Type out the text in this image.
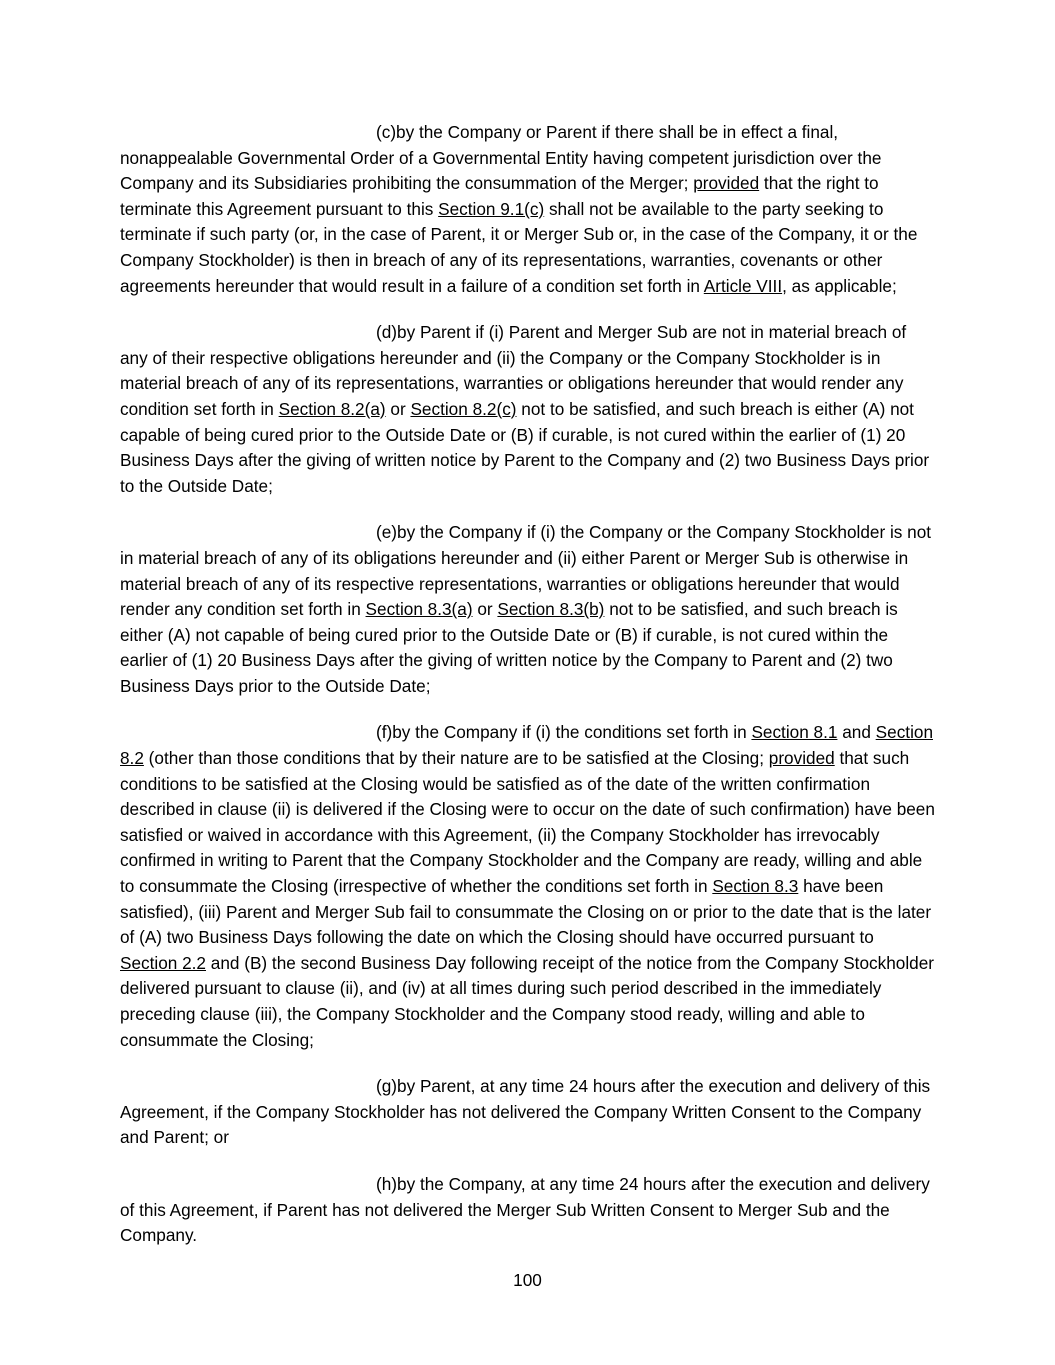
(c)by the Company or Parent if there shall be in effect a final, nonappealable Governmental Order of a Governmental Entity having competent jurisdiction over the Company and its Subsidiaries prohibiting the consummation of the Merger; provided that the right to terminate this Agreement pursuant to this Section 9.1(c) shall not be available to the party seeking to terminate if such party (or, in the case of Parent, it or Merger Sub or, in the case of the Company, it or the Company Stockholder) is then in breach of any of its representations, warranties, covenants or other agreements hereunder that would result in a failure of a condition set forth in Article VIII, as applicable;

(d)by Parent if (i) Parent and Merger Sub are not in material breach of any of their respective obligations hereunder and (ii) the Company or the Company Stockholder is in material breach of any of its representations, warranties or obligations hereunder that would render any condition set forth in Section 8.2(a) or Section 8.2(c) not to be satisfied, and such breach is either (A) not capable of being cured prior to the Outside Date or (B) if curable, is not cured within the earlier of (1) 20 Business Days after the giving of written notice by Parent to the Company and (2) two Business Days prior to the Outside Date;

(e)by the Company if (i) the Company or the Company Stockholder is not in material breach of any of its obligations hereunder and (ii) either Parent or Merger Sub is otherwise in material breach of any of its respective representations, warranties or obligations hereunder that would render any condition set forth in Section 8.3(a) or Section 8.3(b) not to be satisfied, and such breach is either (A) not capable of being cured prior to the Outside Date or (B) if curable, is not cured within the earlier of (1) 20 Business Days after the giving of written notice by the Company to Parent and (2) two Business Days prior to the Outside Date;

(f)by the Company if (i) the conditions set forth in Section 8.1 and Section 8.2 (other than those conditions that by their nature are to be satisfied at the Closing; provided that such conditions to be satisfied at the Closing would be satisfied as of the date of the written confirmation described in clause (ii) is delivered if the Closing were to occur on the date of such confirmation) have been satisfied or waived in accordance with this Agreement, (ii) the Company Stockholder has irrevocably confirmed in writing to Parent that the Company Stockholder and the Company are ready, willing and able to consummate the Closing (irrespective of whether the conditions set forth in Section 8.3 have been satisfied), (iii) Parent and Merger Sub fail to consummate the Closing on or prior to the date that is the later of (A) two Business Days following the date on which the Closing should have occurred pursuant to Section 2.2 and (B) the second Business Day following receipt of the notice from the Company Stockholder delivered pursuant to clause (ii), and (iv) at all times during such period described in the immediately preceding clause (iii), the Company Stockholder and the Company stood ready, willing and able to consummate the Closing;

(g)by Parent, at any time 24 hours after the execution and delivery of this Agreement, if the Company Stockholder has not delivered the Company Written Consent to the Company and Parent; or

(h)by the Company, at any time 24 hours after the execution and delivery of this Agreement, if Parent has not delivered the Merger Sub Written Consent to Merger Sub and the Company.

100
